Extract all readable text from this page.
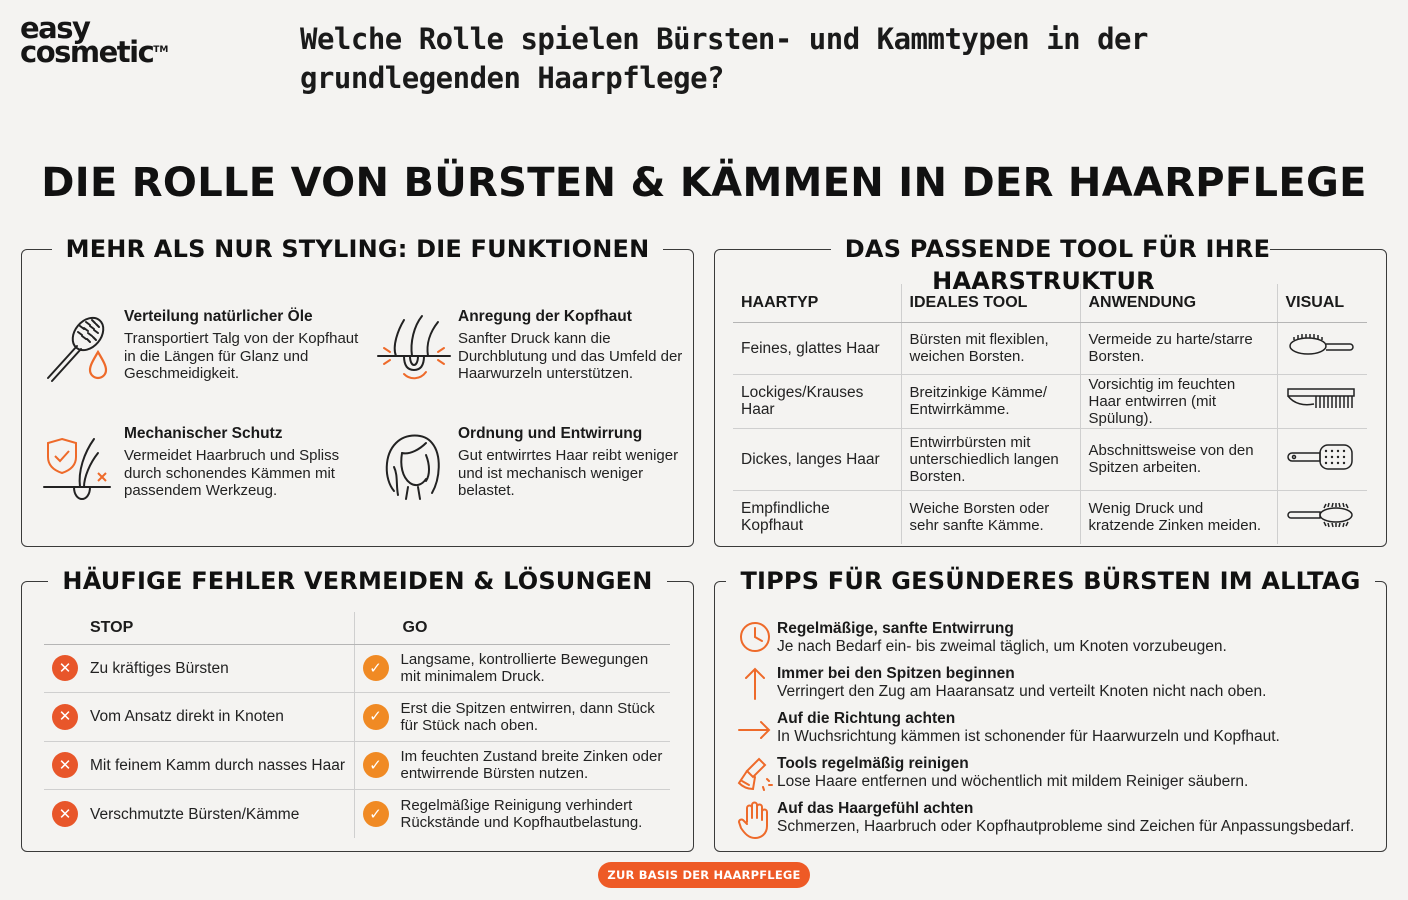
easy
cosmetic™	Welche Rolle spielen Bürsten- und Kammtypen in der grundlegenden Haarpflege?
DIE ROLLE VON BÜRSTEN & KÄMMEN IN DER HAARPFLEGE
MEHR ALS NUR STYLING: DIE FUNKTIONEN
Verteilung natürlicher Öle

Transportiert Talg von der Kopfhaut in die Längen für Glanz und Geschmeidigkeit.

Anregung der Kopfhaut

Sanfter Druck kann die Durchblutung und das Umfeld der Haarwurzeln unterstützen.

Mechanischer Schutz

Vermeidet Haarbruch und Spliss durch schonendes Kämmen mit passendem Werkzeug.

Ordnung und Entwirrung

Gut entwirrtes Haar reibt weniger und ist mechanisch weniger belastet.

DAS PASSENDE TOOL FÜR IHRE HAARSTRUKTUR
HAARTYP	IDEALES TOOL	ANWENDUNG	VISUAL
Feines, glattes Haar	Bürsten mit flexiblen, weichen Borsten.	Vermeide zu harte/starre Borsten.	
Lockiges/Krauses Haar	Breitzinkige Kämme/ Entwirrkämme.	Vorsichtig im feuchten Haar entwirren (mit Spülung).	
Dickes, langes Haar	Entwirrbürsten mit unterschiedlich langen Borsten.	Abschnittsweise von den Spitzen arbeiten.	
Empfindliche Kopfhaut	Weiche Borsten oder sehr sanfte Kämme.	Wenig Druck und kratzende Zinken meiden.	
HÄUFIGE FEHLER VERMEIDEN & LÖSUNGEN
STOP	GO

✕ Zu kräftiges Bürsten	✓ Langsame, kontrollierte Bewegungen mit minimalem Druck.

✕ Vom Ansatz direkt in Knoten	✓ Erst die Spitzen entwirren, dann Stück für Stück nach oben.

✕ Mit feinem Kamm durch nasses Haar	✓ Im feuchten Zustand breite Zinken oder entwirrende Bürsten nutzen.

✕ Verschmutzte Bürsten/Kämme	✓ Regelmäßige Reinigung verhindert Rückstände und Kopfhautbelastung.
TIPPS FÜR GESÜNDERES BÜRSTEN IM ALLTAG
Regelmäßige, sanfte Entwirrung

Je nach Bedarf ein- bis zweimal täglich, um Knoten vorzubeugen.

Immer bei den Spitzen beginnen

Verringert den Zug am Haaransatz und verteilt Knoten nicht nach oben.

Auf die Richtung achten

In Wuchsrichtung kämmen ist schonender für Haarwurzeln und Kopfhaut.

Tools regelmäßig reinigen

Lose Haare entfernen und wöchentlich mit mildem Reiniger säubern.

Auf das Haargefühl achten

Schmerzen, Haarbruch oder Kopfhautprobleme sind Zeichen für Anpassungsbedarf.

ZUR BASIS DER HAARPFLEGE
